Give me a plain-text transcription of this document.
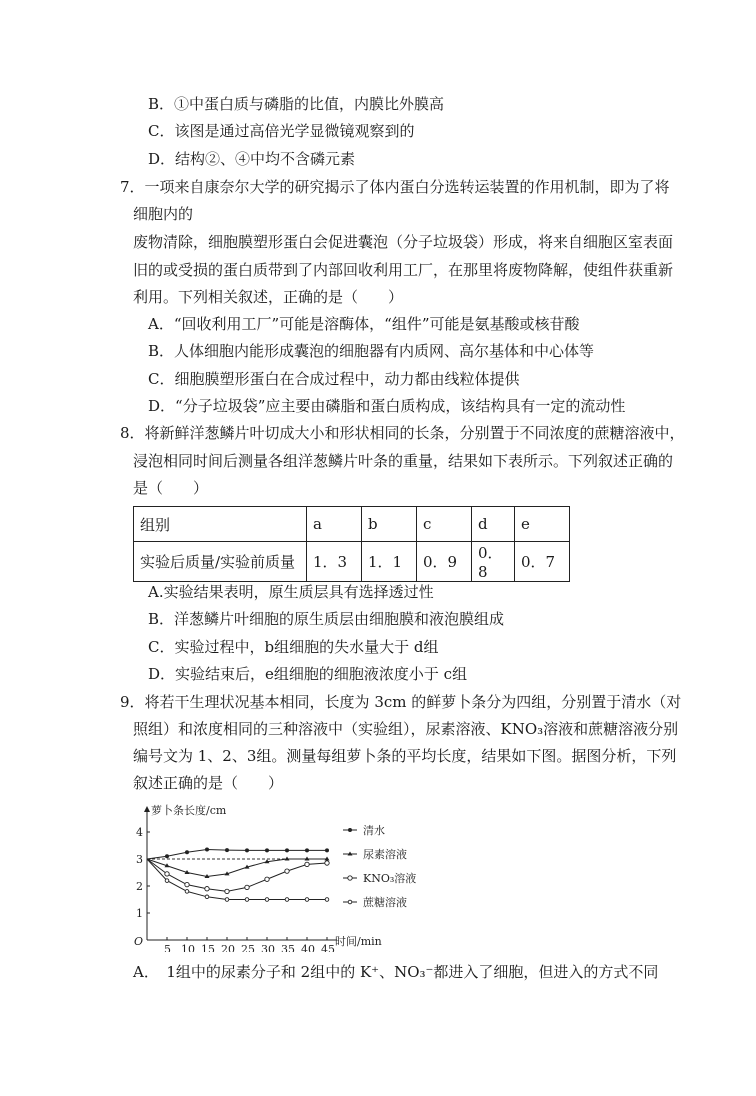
B．①中蛋白质与磷脂的比值，内膜比外膜高
C．该图是通过高倍光学显微镜观察到的
D．结构②、④中均不含磷元素
7．一项来自康奈尔大学的研究揭示了体内蛋白分选转运装置的作用机制，即为了将
细胞内的
废物清除，细胞膜塑形蛋白会促进囊泡（分子垃圾袋）形成，将来自细胞区室表面
旧的或受损的蛋白质带到了内部回收利用工厂，在那里将废物降解，使组件获重新
利用。下列相关叙述，正确的是（　　）
A．“回收利用工厂”可能是溶酶体，“组件”可能是氨基酸或核苷酸
B．人体细胞内能形成囊泡的细胞器有内质网、高尔基体和中心体等
C．细胞膜塑形蛋白在合成过程中，动力都由线粒体提供
D．“分子垃圾袋”应主要由磷脂和蛋白质构成，该结构具有一定的流动性
8．将新鲜洋葱鳞片叶切成大小和形状相同的长条，分别置于不同浓度的蔗糖溶液中，
浸泡相同时间后测量各组洋葱鳞片叶条的重量，结果如下表所示。下列叙述正确的
是（　　）
组别	a	b	c	d	e
实验后质量/实验前质量	1．3	1．1	0．9	0．8	0．7
A.实验结果表明，原生质层具有选择透过性
B．洋葱鳞片叶细胞的原生质层由细胞膜和液泡膜组成
C．实验过程中，b组细胞的失水量大于 d组
D．实验结束后，e组细胞的细胞液浓度小于 c组
9．将若干生理状况基本相同，长度为 3cm 的鲜萝卜条分为四组，分别置于清水（对
照组）和浓度相同的三种溶液中（实验组），尿素溶液、KNO₃溶液和蔗糖溶液分别
编号文为 1、2、3组。测量每组萝卜条的平均长度，结果如下图。据图分析，下列
叙述正确的是（　　）
萝卜条长度/cm
时间/min
O
1
2
3
4
5 10 15 20 25 30 35 40 45
清水
尿素溶液
KNO₃溶液
蔗糖溶液
A．　1组中的尿素分子和 2组中的 K⁺、NO₃⁻都进入了细胞，但进入的方式不同
